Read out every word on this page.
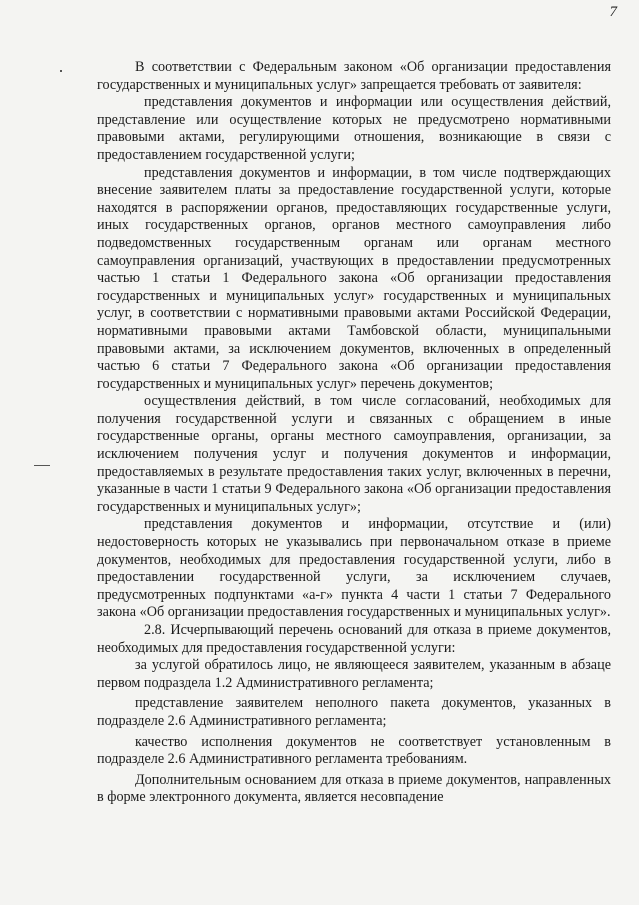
7

В соответствии с Федеральным законом «Об организации предоставления государственных и муниципальных услуг» запрещается требовать от заявителя:

представления документов и информации или осуществления действий, представление или осуществление которых не предусмотрено нормативными правовыми актами, регулирующими отношения, возникающие в связи с предоставлением государственной услуги;

представления документов и информации, в том числе подтверждающих внесение заявителем платы за предоставление государственной услуги, которые находятся в распоряжении органов, предоставляющих государственные услуги, иных государственных органов, органов местного самоуправления либо подведомственных государственным органам или органам местного самоуправления организаций, участвующих в предоставлении предусмотренных частью 1 статьи 1 Федерального закона «Об организации предоставления государственных и муниципальных услуг» государственных и муниципальных услуг, в соответствии с нормативными правовыми актами Российской Федерации, нормативными правовыми актами Тамбовской области, муниципальными правовыми актами, за исключением документов, включенных в определенный частью 6 статьи 7 Федерального закона «Об организации предоставления государственных и муниципальных услуг» перечень документов;

осуществления действий, в том числе согласований, необходимых для получения государственной услуги и связанных с обращением в иные государственные органы, органы местного самоуправления, организации, за исключением получения услуг и получения документов и информации, предоставляемых в результате предоставления таких услуг, включенных в перечни, указанные в части 1 статьи 9 Федерального закона «Об организации предоставления государственных и муниципальных услуг»;

представления документов и информации, отсутствие и (или) недостоверность которых не указывались при первоначальном отказе в приеме документов, необходимых для предоставления государственной услуги, либо в предоставлении государственной услуги, за исключением случаев, предусмотренных подпунктами «а-г» пункта 4 части 1 статьи 7 Федерального закона «Об организации предоставления государственных и муниципальных услуг».

2.8. Исчерпывающий перечень оснований для отказа в приеме документов, необходимых для предоставления государственной услуги:

за услугой обратилось лицо, не являющееся заявителем, указанным в абзаце первом подраздела 1.2 Административного регламента;

представление заявителем неполного пакета документов, указанных в подразделе 2.6 Административного регламента;

качество исполнения документов не соответствует установленным в подразделе 2.6 Административного регламента требованиям.

Дополнительным основанием для отказа в приеме документов, направленных в форме электронного документа, является несовпадение
